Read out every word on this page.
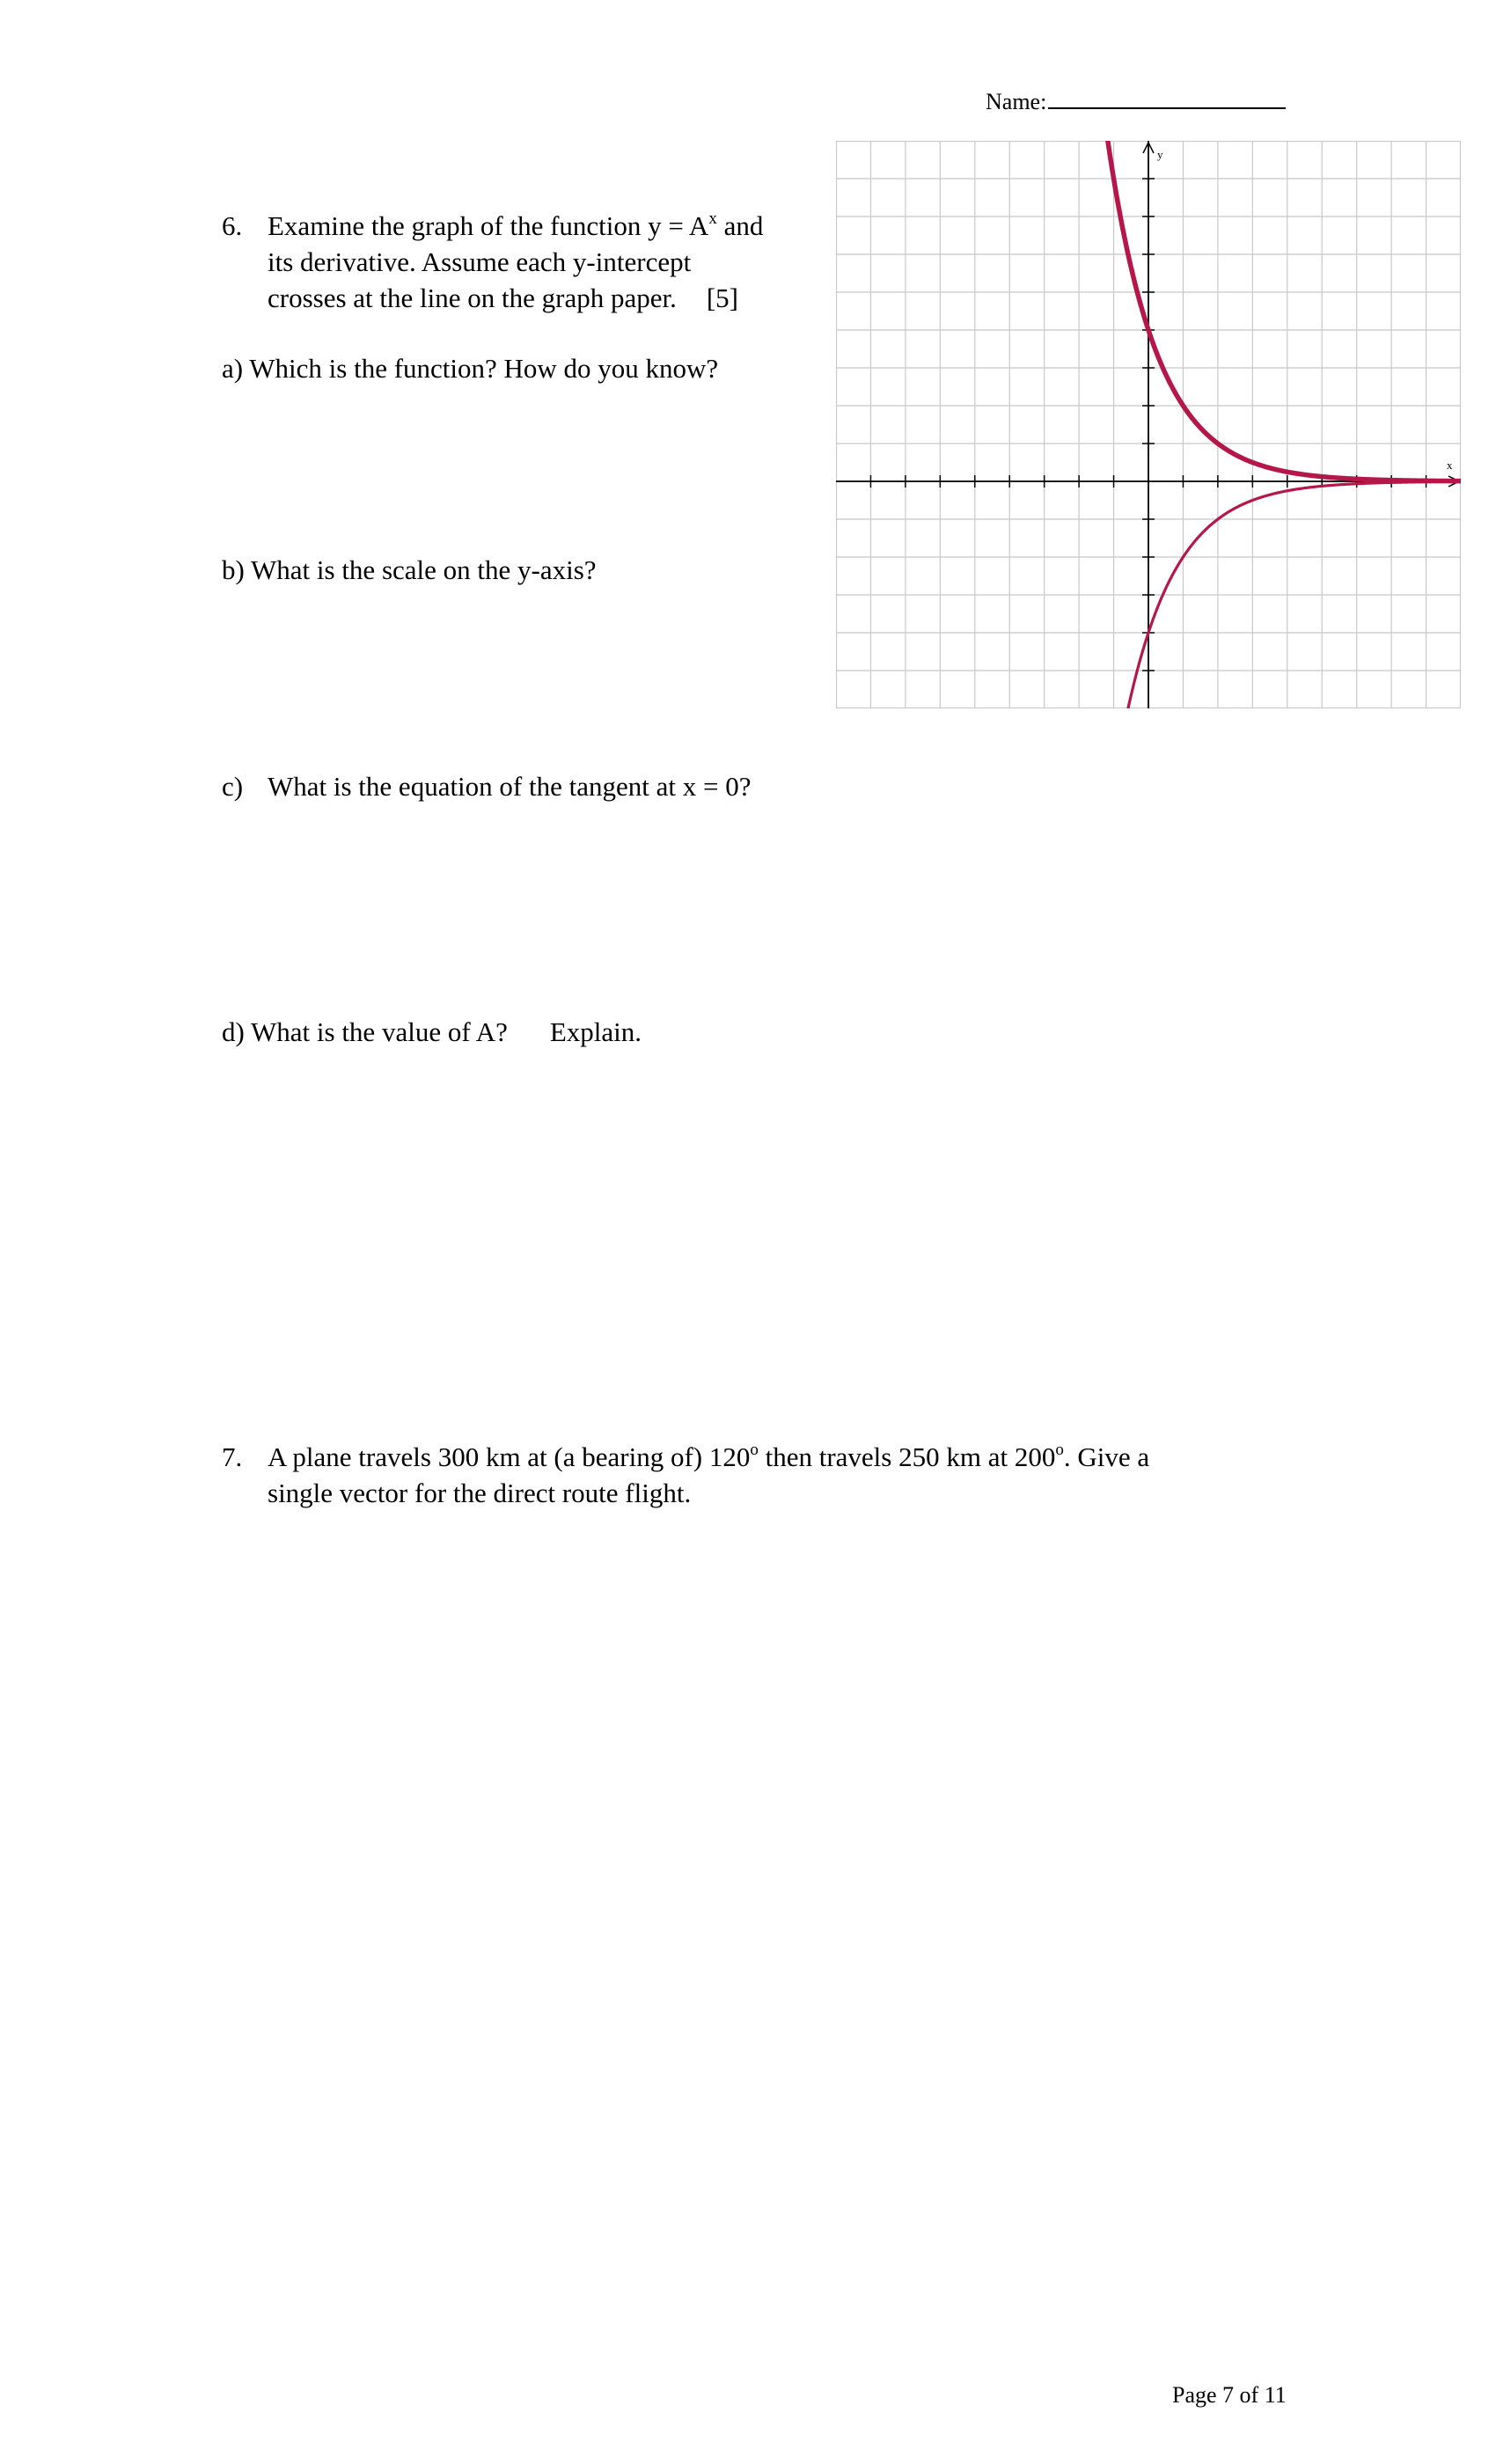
Name:
6. Examine the graph of the function $y = A^x$ and
its derivative. Assume each y-intercept
crosses at the line on the graph paper. [5]
a) Which is the function? How do you know?
b) What is the scale on the y-axis?
c) What is the equation of the tangent at x = 0?
d) What is the value of A? Explain.
7. A plane travels 300 km at (a bearing of) 120$^o$ then travels 250 km at 200$^o$. Give a
single vector for the direct route flight.
x
y
Page 7 of 11
